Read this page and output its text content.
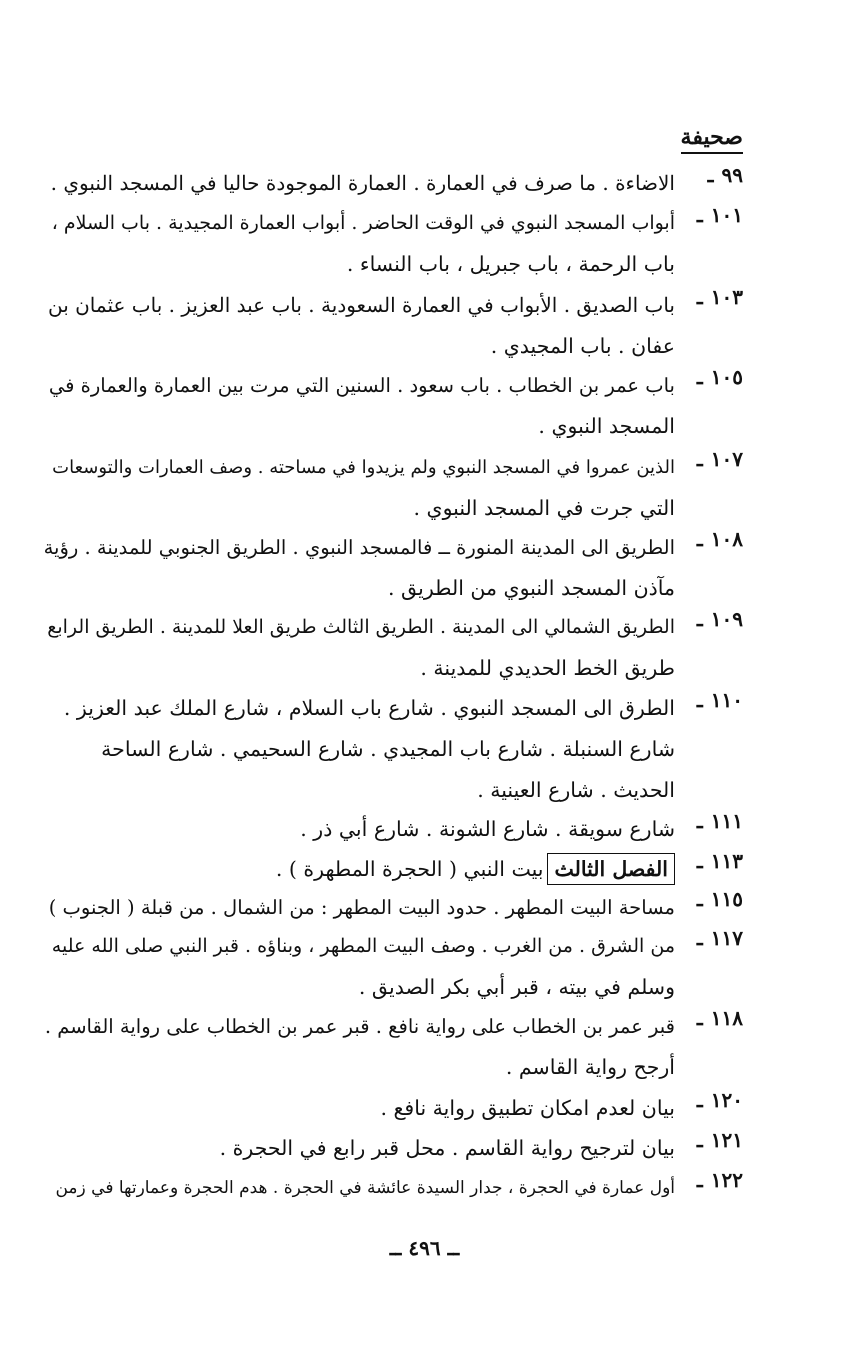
صحيفة
٩٩ـ
الاضاءة . ما صرف في العمارة . العمارة الموجودة حاليا في المسجد النبوي .
١٠١ـ
أبواب المسجد النبوي في الوقت الحاضر . أبواب العمارة المجيدية . باب السلام ،
باب الرحمة ، باب جبريل ، باب النساء .
١٠٣ـ
باب الصديق . الأبواب في العمارة السعودية . باب عبد العزيز . باب عثمان بن
عفان . باب المجيدي .
١٠٥ـ
باب عمر بن الخطاب . باب سعود . السنين التي مرت بين العمارة والعمارة في
المسجد النبوي .
١٠٧ـ
الذين عمروا في المسجد النبوي ولم يزيدوا في مساحته . وصف العمارات والتوسعات
التي جرت في المسجد النبوي .
١٠٨ـ
الطريق الى المدينة المنورة ــ فالمسجد النبوي . الطريق الجنوبي للمدينة . رؤية
مآذن المسجد النبوي من الطريق .
١٠٩ـ
الطريق الشمالي الى المدينة . الطريق الثالث طريق العلا للمدينة . الطريق الرابع
طريق الخط الحديدي للمدينة .
١١٠ـ
الطرق الى المسجد النبوي . شارع باب السلام ، شارع الملك عبد العزيز .
شارع السنبلة . شارع باب المجيدي . شارع السحيمي . شارع الساحة
الحديث . شارع العينية .
١١١ـ
شارع سويقة . شارع الشونة . شارع أبي ذر .
١١٣ـ
الفصل الثالثبيت النبي ( الحجرة المطهرة ) .
١١٥ـ
مساحة البيت المطهر . حدود البيت المطهر : من الشمال . من قبلة ( الجنوب )
١١٧ـ
من الشرق . من الغرب . وصف البيت المطهر ، وبناؤه . قبر النبي صلى الله عليه
وسلم في بيته ، قبر أبي بكر الصديق .
١١٨ـ
قبر عمر بن الخطاب على رواية نافع . قبر عمر بن الخطاب على رواية القاسم .
أرجح رواية القاسم .
١٢٠ـ
بيان لعدم امكان تطبيق رواية نافع .
١٢١ـ
بيان لترجيح رواية القاسم . محل قبر رابع في الحجرة .
١٢٢ـ
أول عمارة في الحجرة ، جدار السيدة عائشة في الحجرة . هدم الحجرة وعمارتها في زمن
ــ ٤٩٦ ــ
